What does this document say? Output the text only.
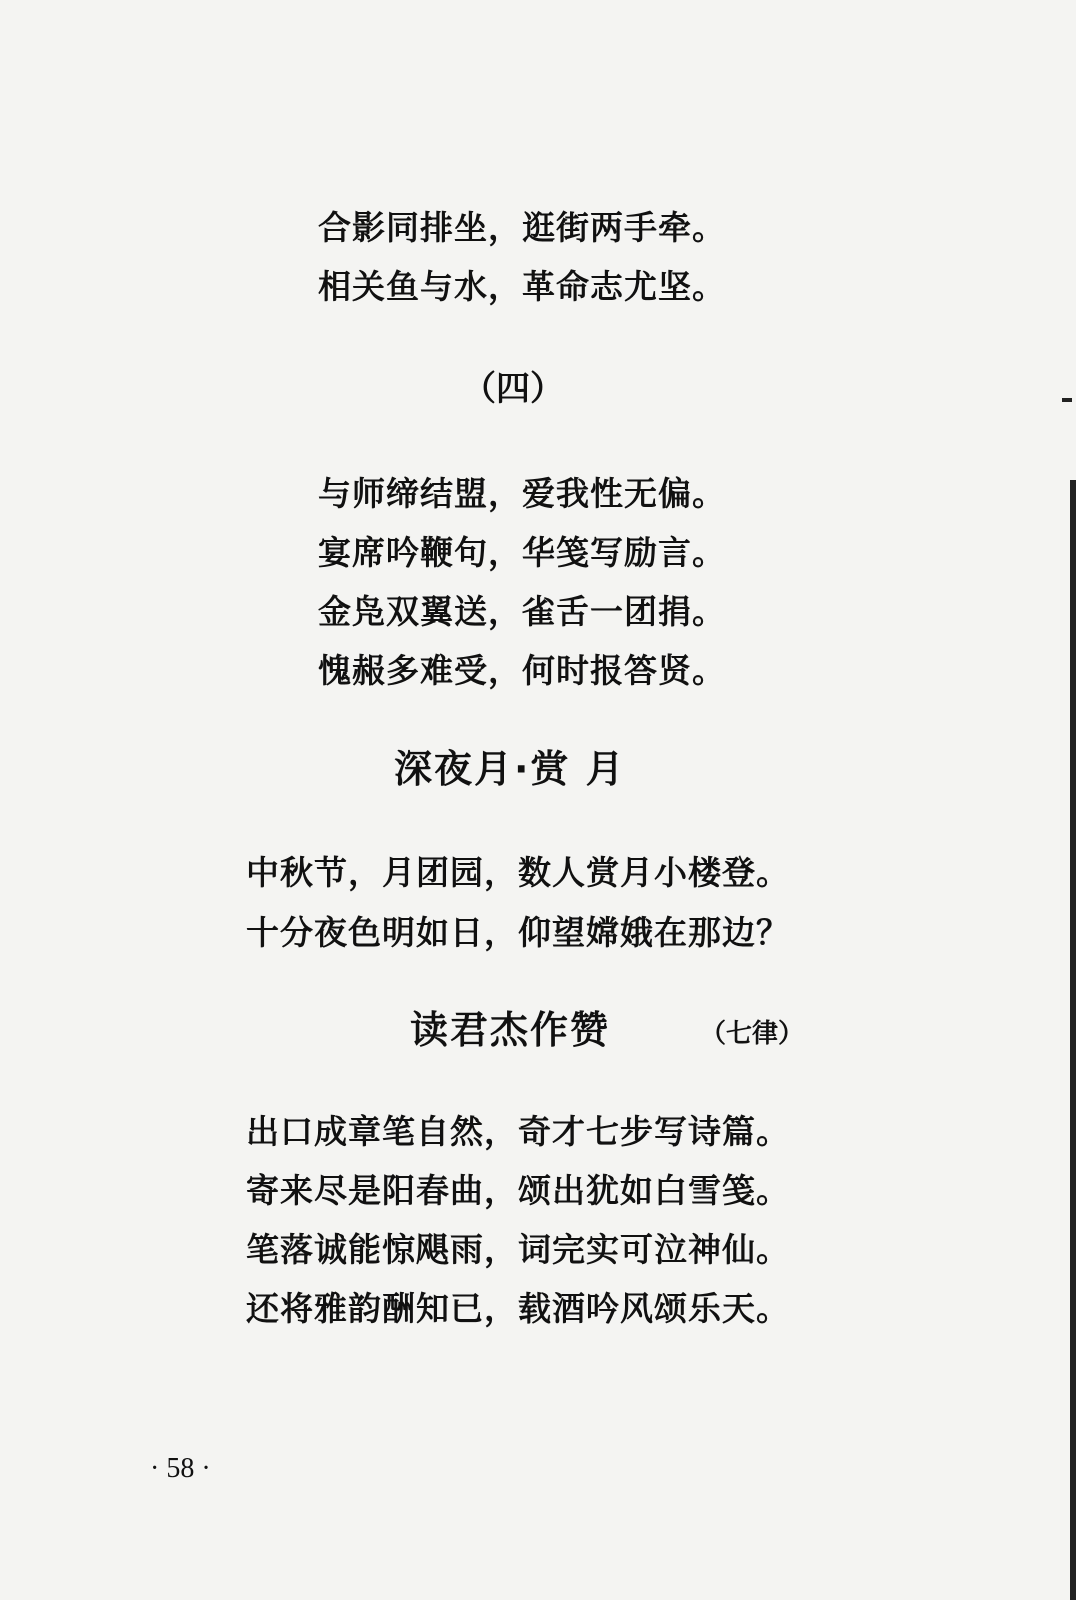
合影同排坐，逛街两手牵。
相关鱼与水，革命志尤坚。
（四）
与师缔结盟，爱我性无偏。
宴席吟鞭句，华笺写励言。
金凫双翼送，雀舌一团捐。
愧赧多难受，何时报答贤。
深夜月·赏 月
中秋节，月团园，数人赏月小楼登。
十分夜色明如日，仰望嫦娥在那边？
读君杰作赞	（七律）
出口成章笔自然，奇才七步写诗篇。
寄来尽是阳春曲，颂出犹如白雪笺。
笔落诚能惊飓雨，词完实可泣神仙。
还将雅韵酬知已，载酒吟风颂乐天。
· 58 ·
